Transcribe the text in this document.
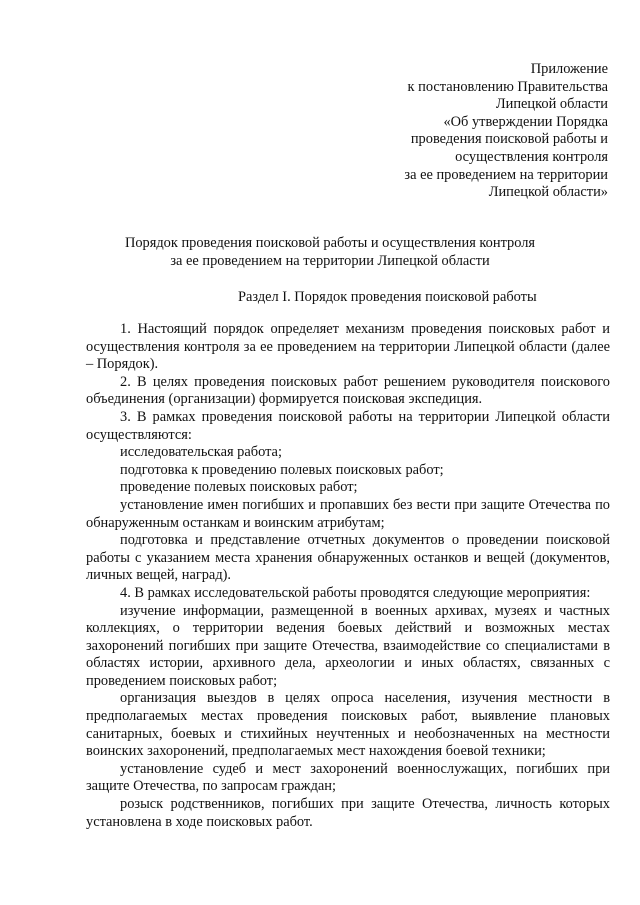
Приложение
к постановлению Правительства
Липецкой области
«Об утверждении Порядка
проведения поисковой работы и
осуществления контроля
за ее проведением на территории
Липецкой области»
Порядок проведения поисковой работы и осуществления контроля
за ее проведением на территории Липецкой области
Раздел I. Порядок проведения поисковой работы

1. Настоящий порядок определяет механизм проведения поисковых работ и осуществления контроля за ее проведением на территории Липецкой области (далее – Порядок).

2. В целях проведения поисковых работ решением руководителя поискового объединения (организации) формируется поисковая экспедиция.

3. В рамках проведения поисковой работы на территории Липецкой области осуществляются:

исследовательская работа;

подготовка к проведению полевых поисковых работ;

проведение полевых поисковых работ;

установление имен погибших и пропавших без вести при защите Отечества по обнаруженным останкам и воинским атрибутам;

подготовка и представление отчетных документов о проведении поисковой работы с указанием места хранения обнаруженных останков и вещей (документов, личных вещей, наград).

4. В рамках исследовательской работы проводятся следующие мероприятия:

изучение информации, размещенной в военных архивах, музеях и частных коллекциях, о территории ведения боевых действий и возможных местах захоронений погибших при защите Отечества, взаимодействие со специалистами в областях истории, архивного дела, археологии и иных областях, связанных с проведением поисковых работ;

организация выездов в целях опроса населения, изучения местности в предполагаемых местах проведения поисковых работ, выявление плановых санитарных, боевых и стихийных неучтенных и необозначенных на местности воинских захоронений, предполагаемых мест нахождения боевой техники;

установление судеб и мест захоронений военнослужащих, погибших при защите Отечества, по запросам граждан;

розыск родственников, погибших при защите Отечества, личность которых установлена в ходе поисковых работ.
